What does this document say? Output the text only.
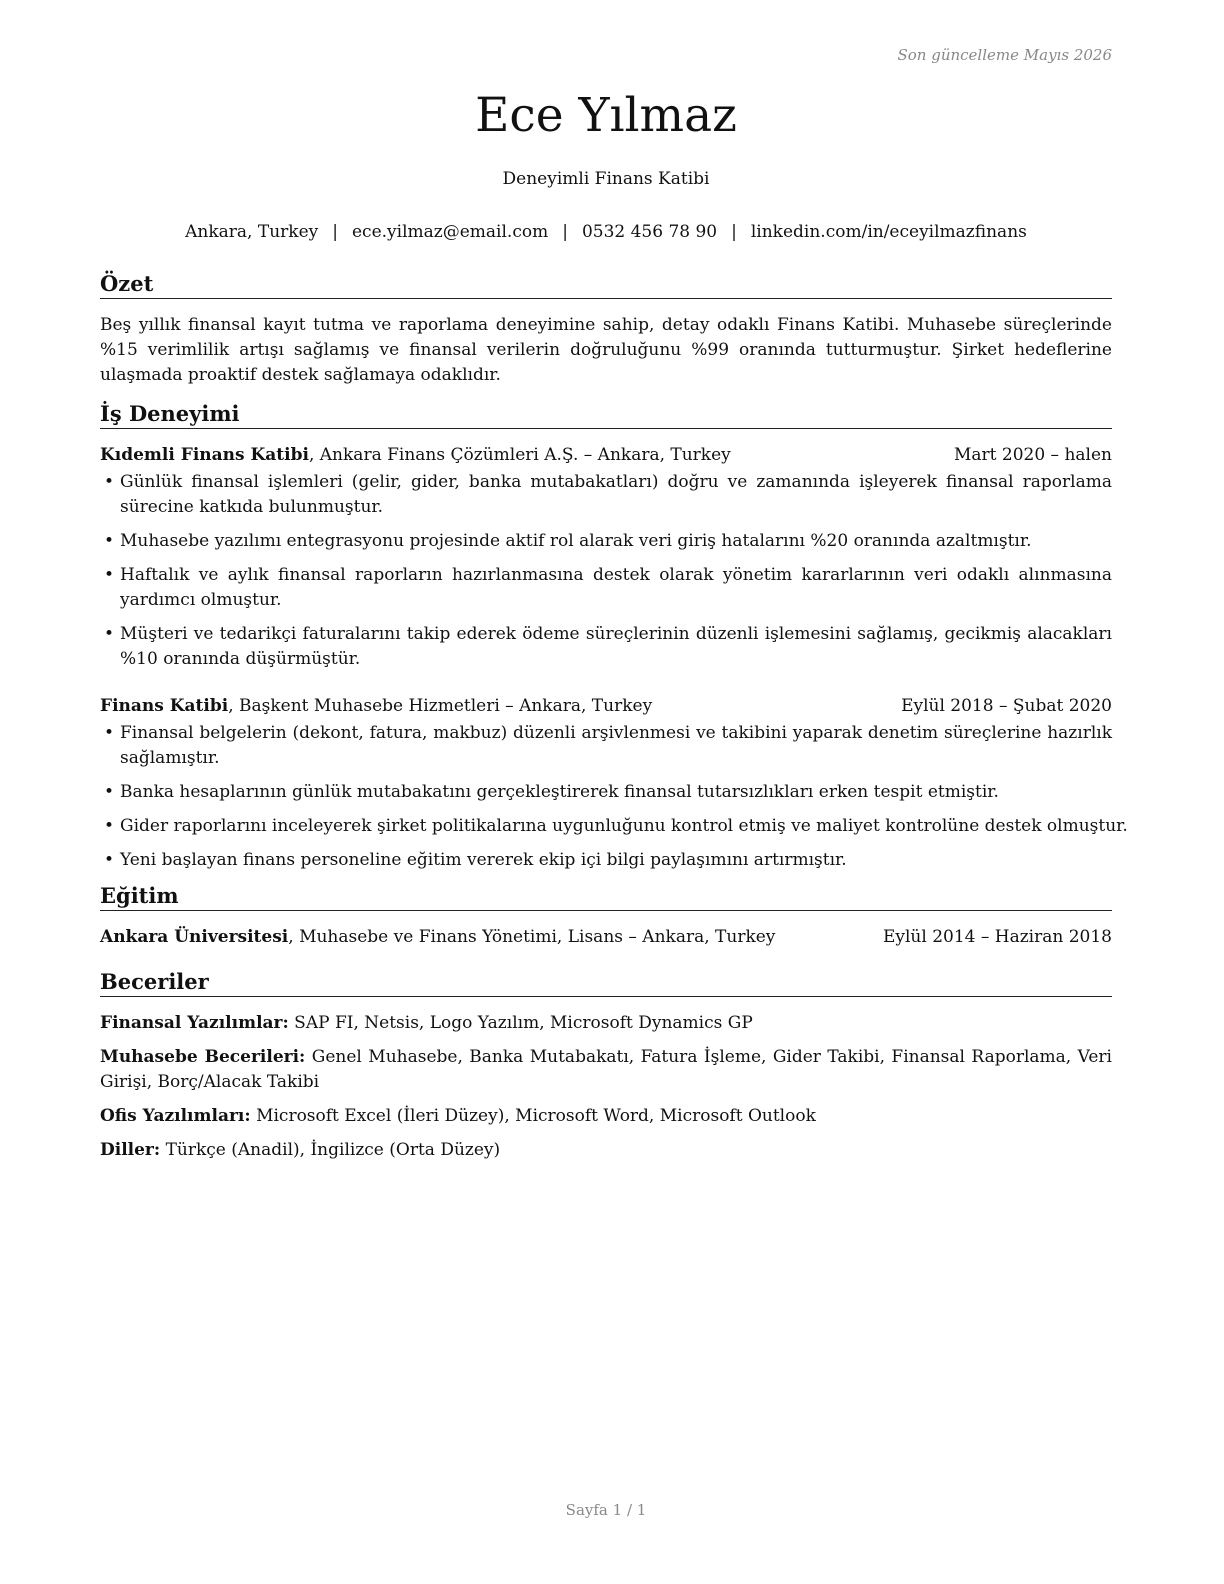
Son güncelleme Mayıs 2026
Ece Yılmaz
Deneyimli Finans Katibi
Ankara, Turkey | ece.yilmaz@email.com | 0532 456 78 90 | linkedin.com/in/eceyilmazfinans
Özet

Beş yıllık finansal kayıt tutma ve raporlama deneyimine sahip, detay odaklı Finans Katibi. Muhasebe süreçlerinde %15 verimlilik artışı sağlamış ve finansal verilerin doğruluğunu %99 oranında tutturmuştur. Şirket hedeflerine ulaşmada proaktif destek sağlamaya odaklıdır.

İş Deneyimi
Kıdemli Finans Katibi, Ankara Finans Çözümleri A.Ş. – Ankara, Turkey	Mart 2020 – halen
• Günlük finansal işlemleri (gelir, gider, banka mutabakatları) doğru ve zamanında işleyerek finansal raporlama sürecine katkıda bulunmuştur.
• Muhasebe yazılımı entegrasyonu projesinde aktif rol alarak veri giriş hatalarını %20 oranında azaltmıştır.
• Haftalık ve aylık finansal raporların hazırlanmasına destek olarak yönetim kararlarının veri odaklı alınmasına yardımcı olmuştur.
• Müşteri ve tedarikçi faturalarını takip ederek ödeme süreçlerinin düzenli işlemesini sağlamış, gecikmiş alacakları %10 oranında düşürmüştür.
Finans Katibi, Başkent Muhasebe Hizmetleri – Ankara, Turkey	Eylül 2018 – Şubat 2020
• Finansal belgelerin (dekont, fatura, makbuz) düzenli arşivlenmesi ve takibini yaparak denetim süreçlerine hazırlık sağlamıştır.
• Banka hesaplarının günlük mutabakatını gerçekleştirerek finansal tutarsızlıkları erken tespit etmiştir.
• Gider raporlarını inceleyerek şirket politikalarına uygunluğunu kontrol etmiş ve maliyet kontrolüne destek olmuştur.
• Yeni başlayan finans personeline eğitim vererek ekip içi bilgi paylaşımını artırmıştır.
Eğitim
Ankara Üniversitesi, Muhasebe ve Finans Yönetimi, Lisans – Ankara, Turkey	Eylül 2014 – Haziran 2018
Beceriler
Finansal Yazılımlar: SAP FI, Netsis, Logo Yazılım, Microsoft Dynamics GP
Muhasebe Becerileri: Genel Muhasebe, Banka Mutabakatı, Fatura İşleme, Gider Takibi, Finansal Raporlama, Veri Girişi, Borç/Alacak Takibi
Ofis Yazılımları: Microsoft Excel (İleri Düzey), Microsoft Word, Microsoft Outlook
Diller: Türkçe (Anadil), İngilizce (Orta Düzey)
Sayfa 1 / 1
